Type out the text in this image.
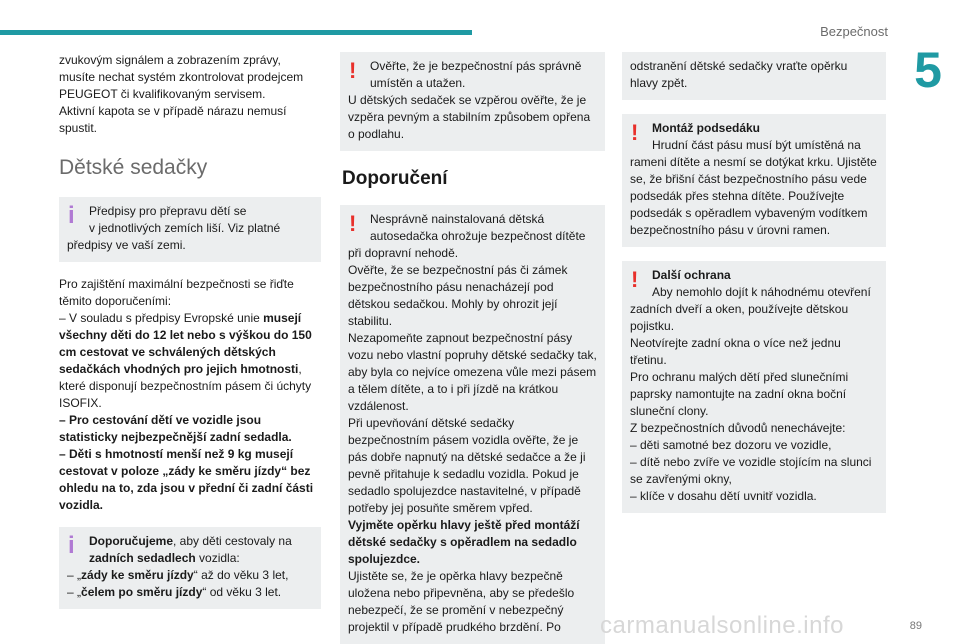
Bezpečnost
5

zvukovým signálem a zobrazením zprávy,

musíte nechat systém zkontrolovat prodejcem

PEUGEOT či kvalifikovaným servisem.

Aktivní kapota se v případě nárazu nemusí

spustit.

Dětské sedačky
i	Předpisy pro přepravu dětí se

v jednotlivých zemích liší. Viz platné

předpisy ve vaší zemi.

Pro zajištění maximální bezpečnosti se řiďte těmito doporučeními:

– V souladu s předpisy Evropské unie musejí všechny děti do 12 let nebo s výškou do 150 cm cestovat ve schválených dětských sedačkách vhodných pro jejich hmotnosti, které disponují bezpečnostním pásem či úchyty ISOFIX.

– Pro cestování dětí ve vozidle jsou statisticky nejbezpečnější zadní sedadla.

– Děti s hmotností menší než 9 kg musejí cestovat v poloze „zády ke směru jízdy“ bez ohledu na to, zda jsou v přední či zadní části vozidla.

i	Doporučujeme, aby děti cestovaly na

zadních sedadlech vozidla:

– „zády ke směru jízdy“ až do věku 3 let,

– „čelem po směru jízdy“ od věku 3 let.

!	Ověřte, že je bezpečnostní pás správně

umístěn a utažen.

U dětských sedaček se vzpěrou ověřte, že je

vzpěra pevným a stabilním způsobem opřena

o podlahu.

Doporučení
!	Nesprávně nainstalovaná dětská

autosedačka ohrožuje bezpečnost dítěte

při dopravní nehodě.

Ověřte, že se bezpečnostní pás či zámek bezpečnostního pásu nenacházejí pod dětskou sedačkou. Mohly by ohrozit její stabilitu.

Nezapomeňte zapnout bezpečnostní pásy vozu nebo vlastní popruhy dětské sedačky tak, aby byla co nejvíce omezena vůle mezi pásem a tělem dítěte, a to i při jízdě na krátkou vzdálenost.

Při upevňování dětské sedačky bezpečnostním pásem vozidla ověřte, že je pás dobře napnutý na dětské sedačce a že ji pevně přitahuje k sedadlu vozidla. Pokud je sedadlo spolujezdce nastavitelné, v případě potřeby jej posuňte směrem vpřed.

Vyjměte opěrku hlavy ještě před montáží dětské sedačky s opěradlem na sedadlo spolujezdce.

Ujistěte se, že je opěrka hlavy bezpečně uložena nebo připevněna, aby se předešlo nebezpečí, že se promění v nebezpečný projektil v případě prudkého brzdění. Po

odstranění dětské sedačky vraťte opěrku

hlavy zpět.

!	Montáž podsedáku

Hrudní část pásu musí být umístěná na

rameni dítěte a nesmí se dotýkat krku. Ujistěte se, že břišní část bezpečnostního pásu vede podsedák přes stehna dítěte. Používejte podsedák s opěradlem vybaveným vodítkem bezpečnostního pásu v úrovni ramen.

!	Další ochrana

Aby nemohlo dojít k náhodnému otevření

zadních dveří a oken, používejte dětskou pojistku.

Neotvírejte zadní okna o více než jednu třetinu.

Pro ochranu malých dětí před slunečními paprsky namontujte na zadní okna boční sluneční clony.

Z bezpečnostních důvodů nenechávejte:

– děti samotné bez dozoru ve vozidle,

– dítě nebo zvíře ve vozidle stojícím na slunci se zavřenými okny,

– klíče v dosahu dětí uvnitř vozidla.

carmanualsonline.info	89
